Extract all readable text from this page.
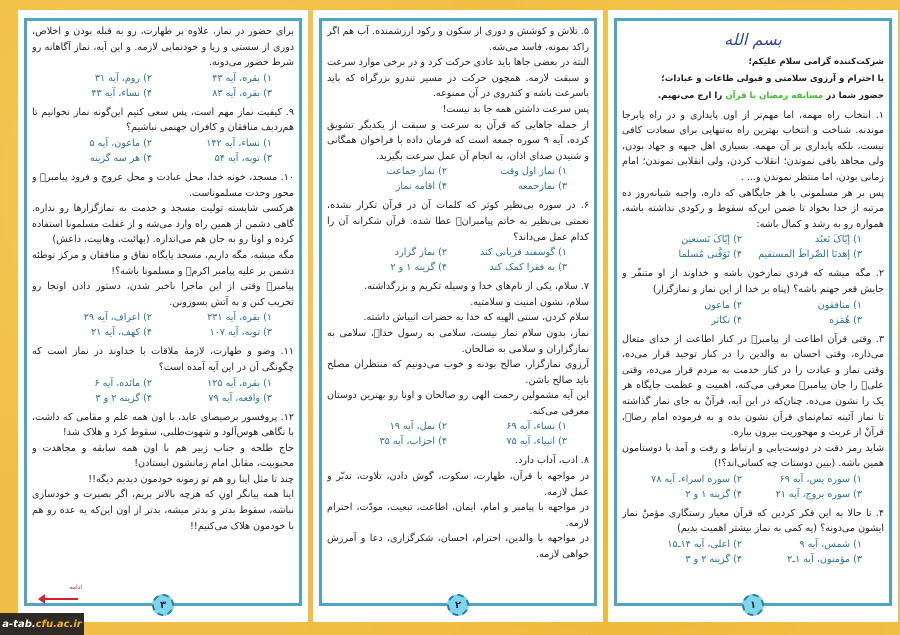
بسم الله

شرکت‌کننده گرامی سلام علیکم؛

با احترام و آرزوی سلامتی و قبولی طاعات و عبادات؛

حضور شما در مسابقه رمضان با قرآن را ارج می‌نهیم.

۱. انتخاب راه مهمه، اما مهم‌تر از اون پایداری و در راه پابرجا موندنه. شناخت و انتخاب بهترین راه به‌تنهایی برای سعادت کافی نیست، بلکه پایداری بر آن مهمه. بسیاری اهل جبهه و جهاد بودن، ولی مجاهد باقی نموندن؛ انقلاب کردن، ولی انقلابی نموندن؛ امام زمانی بودن، اما منتظر نموندن و... .

پس بر هر مسلمونی با هر جایگاهی که داره، واجبه شبانه‌روز ده مرتبه از خدا بخواد تا ضمن این‌که سقوط و رکودی نداشته باشه، همواره رو به رشد و کمال باشه:

۱) إیّاکَ نَعبُد
۲) إیّاکَ نَستعین
۳) إهدنَا الصِّراطَ المستقیم
۴) تَوَفَّنی مُسلما

۲. مگه میشه که فردی نمازخون باشه و خداوند از او متنفّر و جایش قعر جهنم باشه؟ (پناه بر خدا از این نماز و نمازگزار)

۱) منافقون
۲) ماعون
۳) هُمَزه
۴) تکاثر

۳. وقتی قرآن اطاعت از پیامبرؐ در کنار اطاعت از خدای متعال می‌ذاره، وقتی احسان به والدین را در کنار توحید قرار می‌ده، وقتی نماز و عبادت را در کنار خدمت به مردم قرار می‌ده، وقتی علیؑ را جان پیامبرؐ معرفی می‌کنه، اهمیت و عظمت جایگاه هر یک را نشون می‌ده. چنان‌که در این آیه، قرآنْ به جای نماز گذاشته تا نماز آئینه تمام‌نمای قرآن نشون بده و به فرموده امام رضاؑ، قرآنْ از غربت و مهجوریت بیرون بیاره.

شاید رمز دقت در دوست‌یابی و ارتباط و رفت و آمد با دوستامون همین باشه. (ببین دوستات چه کسانی‌اند؟!)

۱) سوره یس، آیه ۶۹
۲) سوره اسراء، آیه ۷۸
۳) سوره بروج، آیه ۲۱
۴) گزینه ۱ و ۲

۴. تا حالا به این فکر کردین که قرآن معیار رستگاری مؤمنْ نماز ایشون می‌دونه؟ (یه کمی به نماز بیشتر اهمیت بدیم)

۱) شمس، آیه ۹
۲) اعلی، آیه ۱۴ـ۱۵
۳) مؤمنون، آیه ۱ـ۲
۴) گزینه ۲ و ۳
۱

۵. تلاش و کوشش و دوری از سکون و رکود ارزشمنده. آب هم اگر راکد بمونه، فاسد می‌شه.

البته در بعضی جاها باید عادی حرکت کرد و در برخی موارد سرعت و سبقت لازمه. همچون حرکت در مسیر تندرو بزرگراه که باید باسرعت باشه و کندروی در آن ممنوعه.

پس سرعت داشتن همه جا بد نیست!

از جمله جاهایی که قرآن به سرعت و سبقت از یکدیگر تشویق کرده، آیه ۹ سوره جمعه است که فرمان داده با فراخوان همگانی و شنیدن صدای اذان، به انجام آن عمل سرعت بگیرید.

۱) نماز اول وقت
۲) نماز جماعت
۳) نمازجمعه
۴) اقامه نماز

۶. در سوره بی‌نظیر کوثر که کلمات آن در قرآن تکرار نشده، نعمتی بی‌نظیر به خاتم پیامبرانؐ عطا شده. قرآن شکرانه آن را کدام عمل می‌داند؟

۱) گوسفند قربانی کند
۲) نماز گزارد
۳) به فقرا کمک کند
۴) گزینه ۱ و ۲

۷. سلام، یکی از نام‌های خدا و وسیله تکریم و بزرگداشته.

سلام، نشون امنیت و سلامتیه.

سلام کردن، سنتی الهیه که خدا به حضرات انبیاش داشته.

نماز، بدون سلام نماز نیست، سلامی به رسول خداؐ، سلامی به نمازگزاران و سلامی به صالحان.

آرزوی نمازگزار، صالح بودنه و خوب می‌دونیم که منتظران مصلح باید صالح باشن.

این آیه مشمولین رحمت الهی رو صالحان و اونا رو بهترین دوستان معرفی می‌کنه.

۱) نساء، آیه ۶۹
۲) نمل، آیه ۱۹
۳) انبیاء، آیه ۷۵
۴) احزاب، آیه ۳۵

۸. ادب، آداب دارد.

در مواجهه با قرآن، طهارت، سکوت، گوش دادن، تلاوت، تدبّر و عمل لازمه.

در مواجهه با پیامبر و امام، ایمان، اطاعت، تبعیت، مودّت، احترام لازمه.

در مواجهه با والدین، احترام، احسان، شکرگزاری، دعا و آمرزش خواهی لازمه.

۲

برای حضور در نماز، علاوه بر طهارت، رو به قبله بودن و اخلاص، دوری از سستی و ریا و خودنمایی لازمه. و این آیه، نماز آگاهانه رو شرط حضور می‌دونه.

۱) بقره، آیه ۴۳
۲) روم، آیه ۳۱
۳) بقره، آیه ۸۳
۴) نساء، آیه ۴۳

۹. کیفیت نماز مهم است، پس سعی کنیم این‌گونه نماز نخوانیم تا هم‌ردیف منافقان و کافران جهنمی نباشیم؟

۱) نساء، آیه ۱۴۲
۲) ماعون، آیه ۵
۳) توبه، آیه ۵۴
۴) هر سه گزینه

۱۰. مسجد، خونه خدا، محل عبادت و محل عروج و فرود پیامبرؐ و محور وحدت مسلموناست.

هرکسی شایسته تولیت مسجد و خدمت به نمازگزارها رو نداره. گاهی دشمن از همین راه وارد می‌شه و از غفلت مسلمونا استفاده کرده و اونا رو به جان هم می‌اندازه. (بهائیت، وهابیت، داعش)

مگه میشه، مگه داریم، مسجد پایگاه نفاق و منافقان و مرکز توطئه دشمن بر علیه پیامبر اکرمؐ و مسلمونا باشه؟!

پیامبرؐ وقتی از این ماجرا باخبر شدن، دستور دادن اونجا رو تخریب کنن و به آتش بسوزونن.

۱) بقره، آیه ۲۳۱
۲) اعراف، آیه ۲۹
۳) توبه، آیه ۱۰۷
۴) کهف، آیه ۲۱

۱۱. وضو و طهارت، لازمهٔ ملاقات با خداوند در نماز است که چگونگی آن در این آیه آمده است؟

۱) بقره، آیه ۱۲۵
۲) مائده، آیه ۶
۳) واقعه، آیه ۷۹
۴) گزینه ۲ و ۳

۱۲. پروفسور برصیصای عابد، با اون همه علم و مقامی که داشت، با نگاهی هوس‌آلود و شهوت‌طلبی، سقوط کرد و هلاک شد!

حاج طلحه و جناب زبیر هم با اون همه سابقه و مجاهدت و محبوبیت، مقابل امام زمانشون ایستادن!

چند تا مثل اینا رو هم تو زمونه خودمون دیدیم دیگه!!

اینا همه بیانگر اونِ که هرچه بالاتر بریم، اگر بصیرت و خودسازی نباشه، سقوط بدتر و بدتر میشه، بدتر از اون این‌که یه عده رو هم با خودمون هلاک می‌کنیم!!

ادامه
۳
a-tab. cfu.ac.ir
